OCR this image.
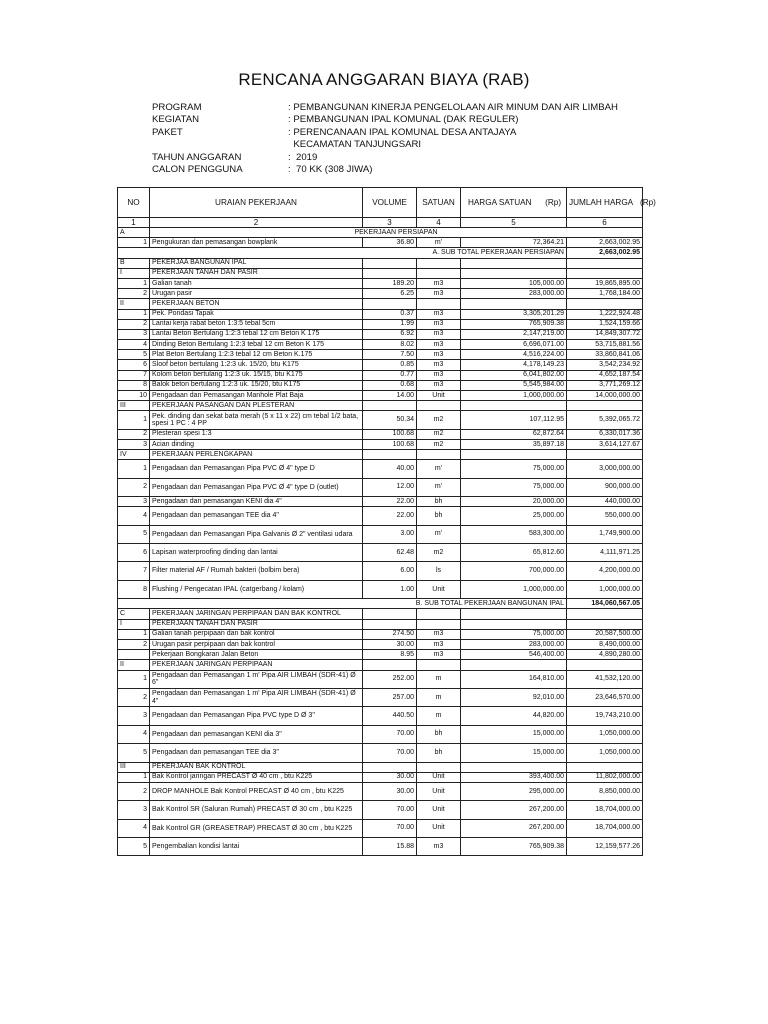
RENCANA ANGGARAN BIAYA (RAB)
PROGRAM	: PEMBANGUNAN KINERJA PENGELOLAAN AIR MINUM DAN AIR LIMBAH
KEGIATAN	: PEMBANGUNAN IPAL KOMUNAL (DAK REGULER)
PAKET	: PERENCANAAN IPAL KOMUNAL DESA ANTAJAYA
KECAMATAN TANJUNGSARI
TAHUN ANGGARAN	:  2019
CALON PENGGUNA	:  70 KK (308 JIWA)
NO	URAIAN PEKERJAAN	VOLUME	SATUAN	HARGA SATUAN (Rp)	JUMLAH HARGA (Rp)
1	2	3	4	5	6
A	PEKERJAAN PERSIAPAN				
1	Pengukuran dan pemasangan bowplank	36.80	m'	72,364.21	2,663,002.95
A. SUB TOTAL PEKERJAAN PERSIAPAN					2,663,002.95
B	PEKERJAA BANGUNAN IPAL				
I	PEKERJAAN TANAH DAN PASIR				
1	Galian tanah	189.20	m3	105,000.00	19,865,895.00
2	Urugan pasir	6.25	m3	283,000.00	1,768,184.00
II	PEKERJAAN BETON				
1	Pek. Pondasi Tapak	0.37	m3	3,305,201.29	1,222,924.48
2	Lantai kerja rabat beton 1:3:5 tebal 5cm	1.99	m3	765,909.38	1,524,159.66
3	Lantai Beton Bertulang 1:2:3 tebal 12 cm Beton K 175	6.92	m3	2,147,219.00	14,849,307.72
4	Dinding Beton Bertulang 1:2:3 tebal 12 cm Beton K 175	8.02	m3	6,696,071.00	53,715,881.56
5	Plat Beton Bertulang 1:2:3 tebal 12 cm Beton K.175	7.50	m3	4,516,224.00	33,860,841.06
6	Sloof beton bertulang 1:2:3 uk. 15/20, btu K175	0.85	m3	4,178,149.23	3,542,234.92
7	Kolom beton bertulang 1:2:3 uk. 15/15, btu K175	0.77	m3	6,041,802.00	4,652,187.54
8	Balok beton bertulang 1:2:3 uk. 15/20, btu K175	0.68	m3	5,545,984.00	3,771,269.12
10	Pengadaan dan Pemasangan Manhole Plat Baja	14.00	Unit	1,000,000.00	14,000,000.00
III	PEKERJAAN PASANGAN DAN PLESTERAN				
1	Pek. dinding dan sekat bata merah (5 x 11 x 22) cm tebal 1/2 bata, spesi 1 PC : 4 PP	50.34	m2	107,112.95	5,392,065.72
2	Plesteran spesi 1:3	100.68	m2	62,872.64	6,330,017.36
3	Acian dinding	100.68	m2	35,897.18	3,614,127.67
IV	PEKERJAAN PERLENGKAPAN				
1	Pengadaan dan Pemasangan Pipa PVC Ø 4" type D	40.00	m'	75,000.00	3,000,000.00
2	Pengadaan dan Pemasangan Pipa PVC Ø 4" type D (outlet)	12.00	m'	75,000.00	900,000.00
3	Pengadaan dan pemasangan KENI dia 4"	22.00	bh	20,000.00	440,000.00
4	Pengadaan dan pemasangan TEE dia 4"	22.00	bh	25,000.00	550,000.00
5	Pengadaan dan Pemasangan Pipa Galvanis Ø 2" ventilasi udara	3.00	m'	583,300.00	1,749,900.00
6	Lapisan waterproofing dinding dan lantai	62.48	m2	65,812.60	4,111,971.25
7	Filter material AF / Rumah bakteri (bolbim bera)	6.00	ls	700,000.00	4,200,000.00
8	Flushing / Pengecatan IPAL (catgerbang / kolam)	1.00	Unit	1,000,000.00	1,000,000.00
B. SUB TOTAL PEKERJAAN BANGUNAN IPAL					184,060,567.05
C	PEKERJAAN JARINGAN PERPIPAAN DAN BAK KONTROL				
I	PEKERJAAN TANAH DAN PASIR				
1	Galian tanah perpipaan dan bak kontrol	274.50	m3	75,000.00	20,587,500.00
2	Urugan pasir perpipaan dan bak kontrol	30.00	m3	283,000.00	8,490,000.00
	Pekerjaan Bongkaran Jalan Beton	8.95	m3	546,400.00	4,890,280.00
II	PEKERJAAN JARINGAN PERPIPAAN				
1	Pengadaan dan Pemasangan 1 m' Pipa AIR LIMBAH (SDR-41) Ø 6"	252.00	m	164,810.00	41,532,120.00
2	Pengadaan dan Pemasangan 1 m' Pipa AIR LIMBAH (SDR-41) Ø 4"	257.00	m	92,010.00	23,646,570.00
3	Pengadaan dan Pemasangan Pipa PVC type D Ø 3"	440.50	m	44,820.00	19,743,210.00
4	Pengadaan dan pemasangan KENI dia 3"	70.00	bh	15,000.00	1,050,000.00
5	Pengadaan dan pemasangan TEE dia 3"	70.00	bh	15,000.00	1,050,000.00
III	PEKERJAAN BAK KONTROL				
1	Bak Kontrol jaringan PRECAST Ø 40 cm , btu K225	30.00	Unit	393,400.00	11,802,000.00
2	DROP MANHOLE Bak Kontrol PRECAST Ø 40 cm , btu K225	30.00	Unit	295,000.00	8,850,000.00
3	Bak Kontrol SR (Saluran Rumah) PRECAST Ø 30 cm , btu K225	70.00	Unit	267,200.00	18,704,000.00
4	Bak Kontrol GR (GREASETRAP) PRECAST Ø 30 cm , btu K225	70.00	Unit	267,200.00	18,704,000.00
5	Pengembalian kondisi lantai	15.88	m3	765,909.38	12,159,577.26
